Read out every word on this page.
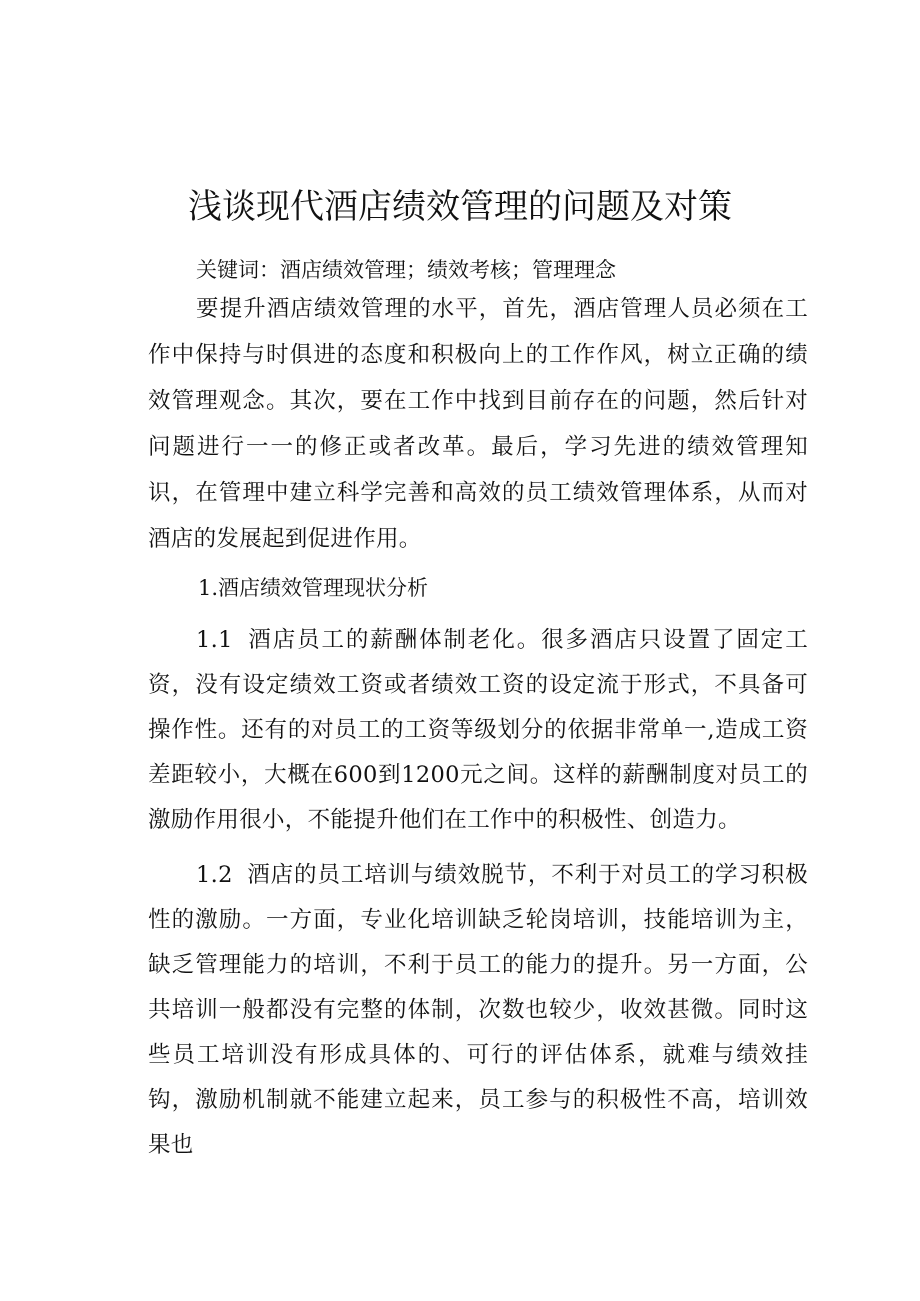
浅谈现代酒店绩效管理的问题及对策

关键词：酒店绩效管理；绩效考核；管理理念

要提升酒店绩效管理的水平，首先，酒店管理人员必须在工作中保持与时俱进的态度和积极向上的工作作风，树立正确的绩效管理观念。其次，要在工作中找到目前存在的问题，然后针对问题进行一一的修正或者改革。最后，学习先进的绩效管理知识，在管理中建立科学完善和高效的员工绩效管理体系，从而对酒店的发展起到促进作用。

1.酒店绩效管理现状分析

1.1 酒店员工的薪酬体制老化。很多酒店只设置了固定工资，没有设定绩效工资或者绩效工资的设定流于形式，不具备可操作性。还有的对员工的工资等级划分的依据非常单一,造成工资差距较小，大概在600到1200元之间。这样的薪酬制度对员工的激励作用很小，不能提升他们在工作中的积极性、创造力。

1.2 酒店的员工培训与绩效脱节，不利于对员工的学习积极性的激励。一方面，专业化培训缺乏轮岗培训，技能培训为主，缺乏管理能力的培训，不利于员工的能力的提升。另一方面，公共培训一般都没有完整的体制，次数也较少，收效甚微。同时这些员工培训没有形成具体的、可行的评估体系，就难与绩效挂钩，激励机制就不能建立起来，员工参与的积极性不高，培训效果也
